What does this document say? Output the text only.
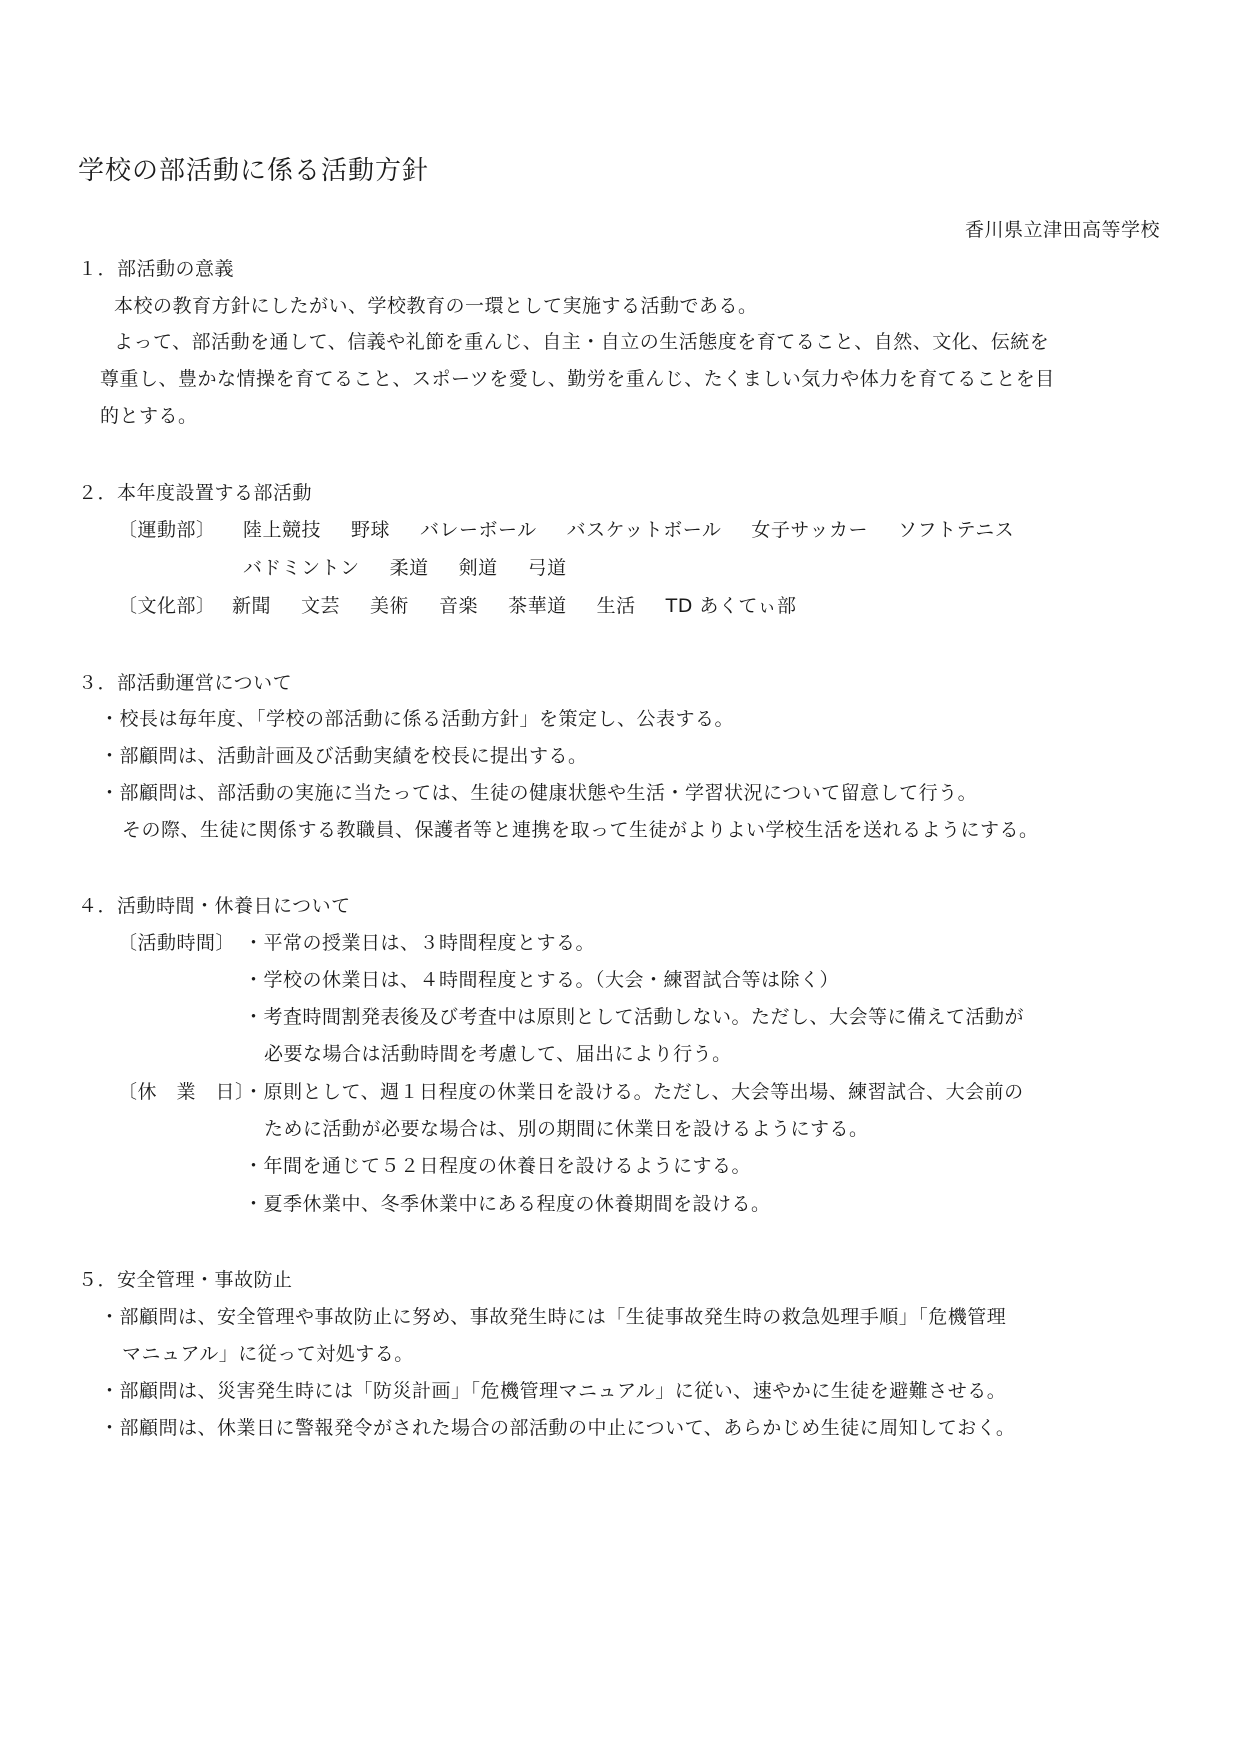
学校の部活動に係る活動方針
香川県立津田高等学校
１．部活動の意義
本校の教育方針にしたがい、学校教育の一環として実施する活動である。
よって、部活動を通して、信義や礼節を重んじ、自主・自立の生活態度を育てること、自然、文化、伝統を
尊重し、豊かな情操を育てること、スポーツを愛し、勤労を重んじ、たくましい気力や体力を育てることを目
的とする。
２．本年度設置する部活動
〔運動部〕 陸上競技 野球 バレーボール バスケットボール 女子サッカー ソフトテニス
バドミントン 柔道 剣道 弓道
〔文化部〕 新聞 文芸 美術 音楽 茶華道 生活 TD あくてぃ部
３．部活動運営について
・校長は毎年度、「学校の部活動に係る活動方針」を策定し、公表する。
・部顧問は、活動計画及び活動実績を校長に提出する。
・部顧問は、部活動の実施に当たっては、生徒の健康状態や生活・学習状況について留意して行う。
その際、生徒に関係する教職員、保護者等と連携を取って生徒がよりよい学校生活を送れるようにする。
４．活動時間・休養日について
〔活動時間〕 ・平常の授業日は、３時間程度とする。
・学校の休業日は、４時間程度とする。（大会・練習試合等は除く）
・考査時間割発表後及び考査中は原則として活動しない。ただし、大会等に備えて活動が
必要な場合は活動時間を考慮して、届出により行う。
〔休　業　日〕
・原則として、週１日程度の休業日を設ける。ただし、大会等出場、練習試合、大会前の
ために活動が必要な場合は、別の期間に休業日を設けるようにする。
・年間を通じて５２日程度の休養日を設けるようにする。
・夏季休業中、冬季休業中にある程度の休養期間を設ける。
５．安全管理・事故防止
・部顧問は、安全管理や事故防止に努め、事故発生時には「生徒事故発生時の救急処理手順」「危機管理
マニュアル」に従って対処する。
・部顧問は、災害発生時には「防災計画」「危機管理マニュアル」に従い、速やかに生徒を避難させる。
・部顧問は、休業日に警報発令がされた場合の部活動の中止について、あらかじめ生徒に周知しておく。
